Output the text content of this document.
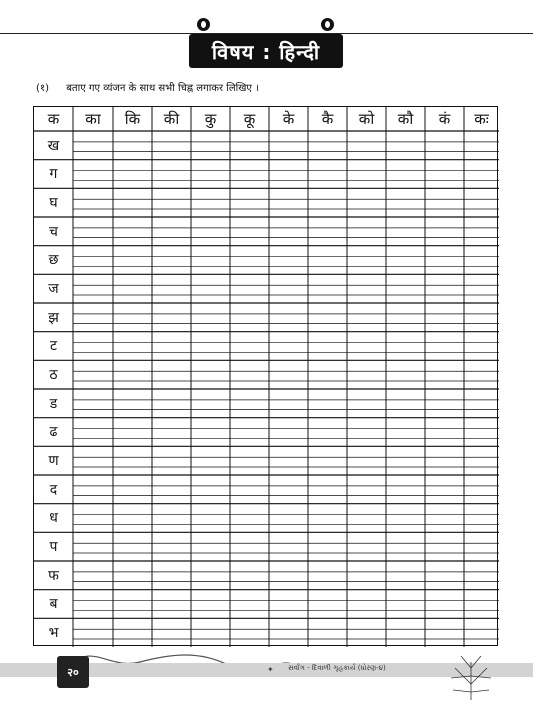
विषय : हिन्दी
(१) बताए गए व्यंजन के साथ सभी चिह्न लगाकर लिखिए ।
क	का	कि	की	कु	कू	के	कै	को	कौ	कं	कः
ख
ग
घ
च
छ
ज
झ
ट
ठ
ड
ढ
ण
द
ध
प
फ
ब
भ
✦ સર્વાંગ - દિવાળી ગૃહકાર્ય (ધોરણ-૪)
२०
